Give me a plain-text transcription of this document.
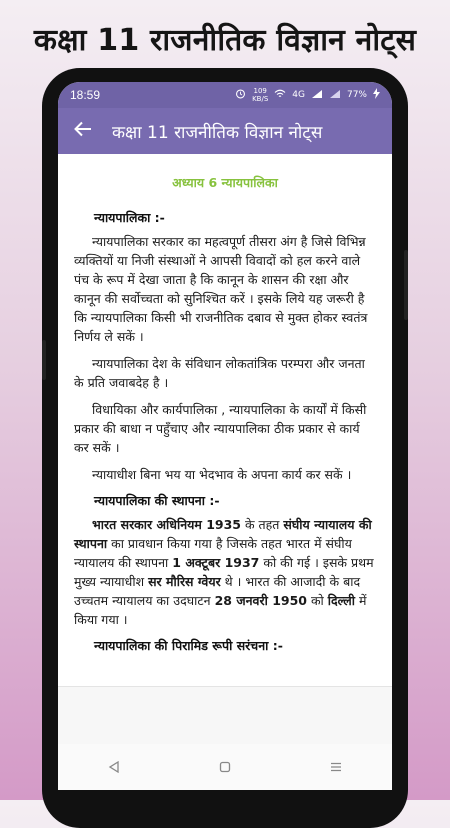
कक्षा 11 राजनीतिक विज्ञान नोट्स
18:59	109
KB/S	4G	77%
कक्षा 11 राजनीतिक विज्ञान नोट्स
अध्याय 6 न्यायपालिका
न्यायपालिका :-

न्यायपालिका सरकार का महत्वपूर्ण तीसरा अंग है जिसे विभिन्न व्यक्तियों या निजी संस्थाओं ने आपसी विवादों को हल करने वाले पंच के रूप में देखा जाता है कि कानून के शासन की रक्षा और कानून की सर्वोच्चता को सुनिश्चित करें । इसके लिये यह जरूरी है कि न्यायपालिका किसी भी राजनीतिक दबाव से मुक्त होकर स्वतंत्र निर्णय ले सकें ।

न्यायपालिका देश के संविधान लोकतांत्रिक परम्परा और जनता के प्रति जवाबदेह है ।

विधायिका और कार्यपालिका , न्यायपालिका के कार्यों में किसी प्रकार की बाधा न पहुँचाए और न्यायपालिका ठीक प्रकार से कार्य कर सकें ।

न्यायाधीश बिना भय या भेदभाव के अपना कार्य कर सकें ।

न्यायपालिका की स्थापना :-

भारत सरकार अधिनियम 1935 के तहत संघीय न्यायालय की स्थापना का प्रावधान किया गया है जिसके तहत भारत में संघीय न्यायालय की स्थापना 1 अक्टूबर 1937 को की गई । इसके प्रथम मुख्य न्यायाधीश सर मौरिस ग्वेयर थे । भारत की आजादी के बाद उच्चतम न्यायालय का उदघाटन 28 जनवरी 1950 को दिल्ली में किया गया ।

न्यायपालिका की पिरामिड रूपी सरंचना :-
